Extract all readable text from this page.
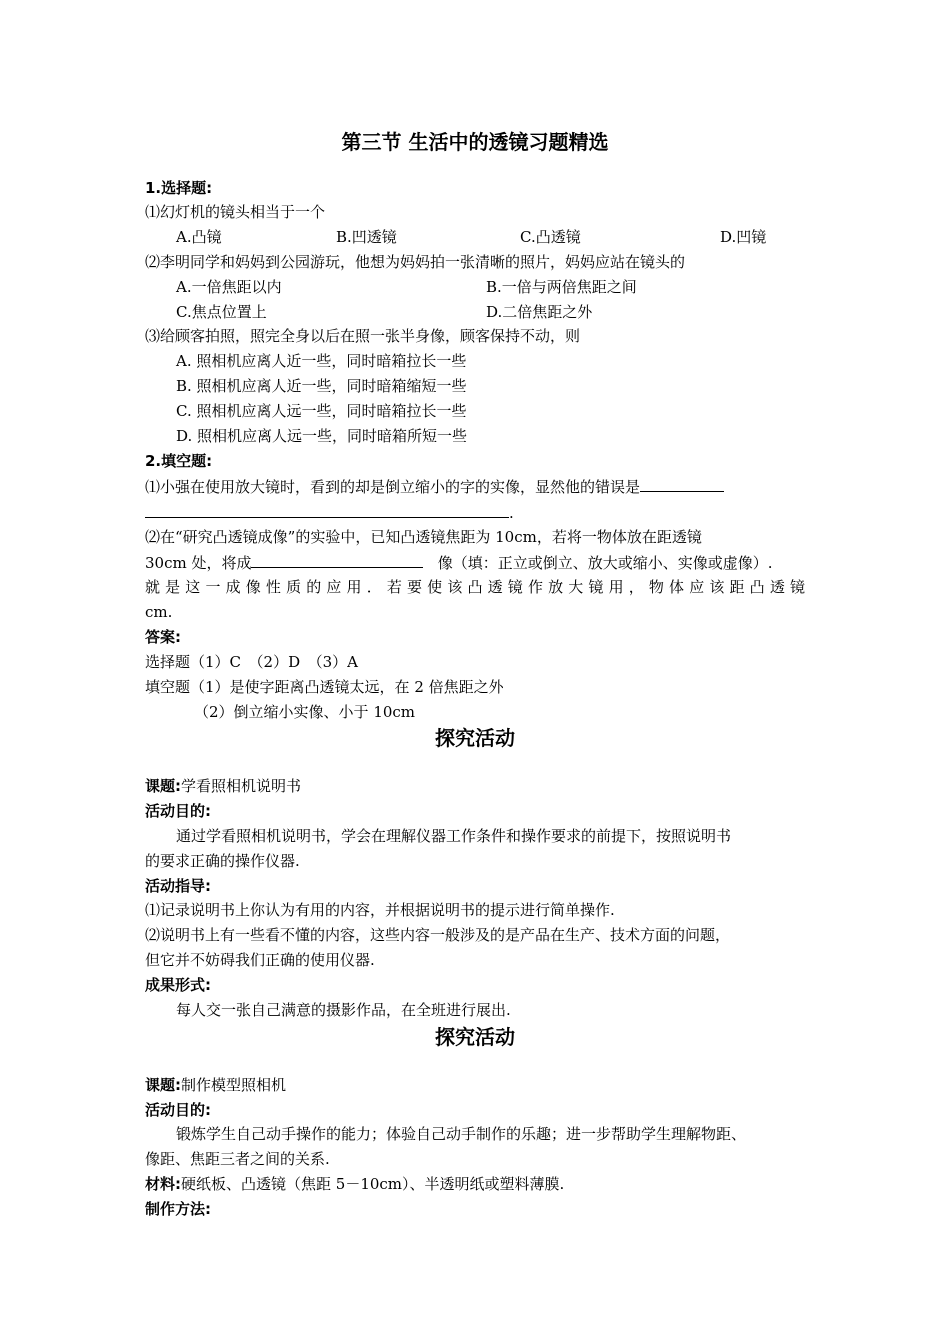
第三节 生活中的透镜习题精选
1.选择题:
⑴幻灯机的镜头相当于一个
A.凸镜	B.凹透镜	C.凸透镜	D.凹镜
⑵李明同学和妈妈到公园游玩，他想为妈妈拍一张清晰的照片，妈妈应站在镜头的
A.一倍焦距以内	B.一倍与两倍焦距之间
C.焦点位置上	D.二倍焦距之外
⑶给顾客拍照，照完全身以后在照一张半身像，顾客保持不动，则
A. 照相机应离人近一些，同时暗箱拉长一些
B. 照相机应离人近一些，同时暗箱缩短一些
C. 照相机应离人远一些，同时暗箱拉长一些
D. 照相机应离人远一些，同时暗箱所短一些
2.填空题:
⑴小强在使用放大镜时，看到的却是倒立缩小的字的实像，显然他的错误是
.
⑵在“研究凸透镜成像”的实验中，已知凸透镜焦距为 10cm，若将一物体放在距透镜
30cm 处，将成	像（填：正立或倒立、放大或缩小、实像或虚像）.
就是这一成像性质的应用．若要使该凸透镜作放大镜用，物体应该距凸透镜
cm.
答案:
选择题（1）C　（2）D　（3）A
填空题（1）是使字距离凸透镜太远，在 2 倍焦距之外
（2）倒立缩小实像、小于 10cm
探究活动
课题:学看照相机说明书
活动目的:
通过学看照相机说明书，学会在理解仪器工作条件和操作要求的前提下，按照说明书
的要求正确的操作仪器.
活动指导:
⑴记录说明书上你认为有用的内容，并根据说明书的提示进行简单操作.
⑵说明书上有一些看不懂的内容，这些内容一般涉及的是产品在生产、技术方面的问题，
但它并不妨碍我们正确的使用仪器.
成果形式:
每人交一张自己满意的摄影作品，在全班进行展出.
探究活动
课题:制作模型照相机
活动目的:
锻炼学生自己动手操作的能力；体验自己动手制作的乐趣；进一步帮助学生理解物距、
像距、焦距三者之间的关系.
材料:硬纸板、凸透镜（焦距 5－10cm）、半透明纸或塑料薄膜.
制作方法:
